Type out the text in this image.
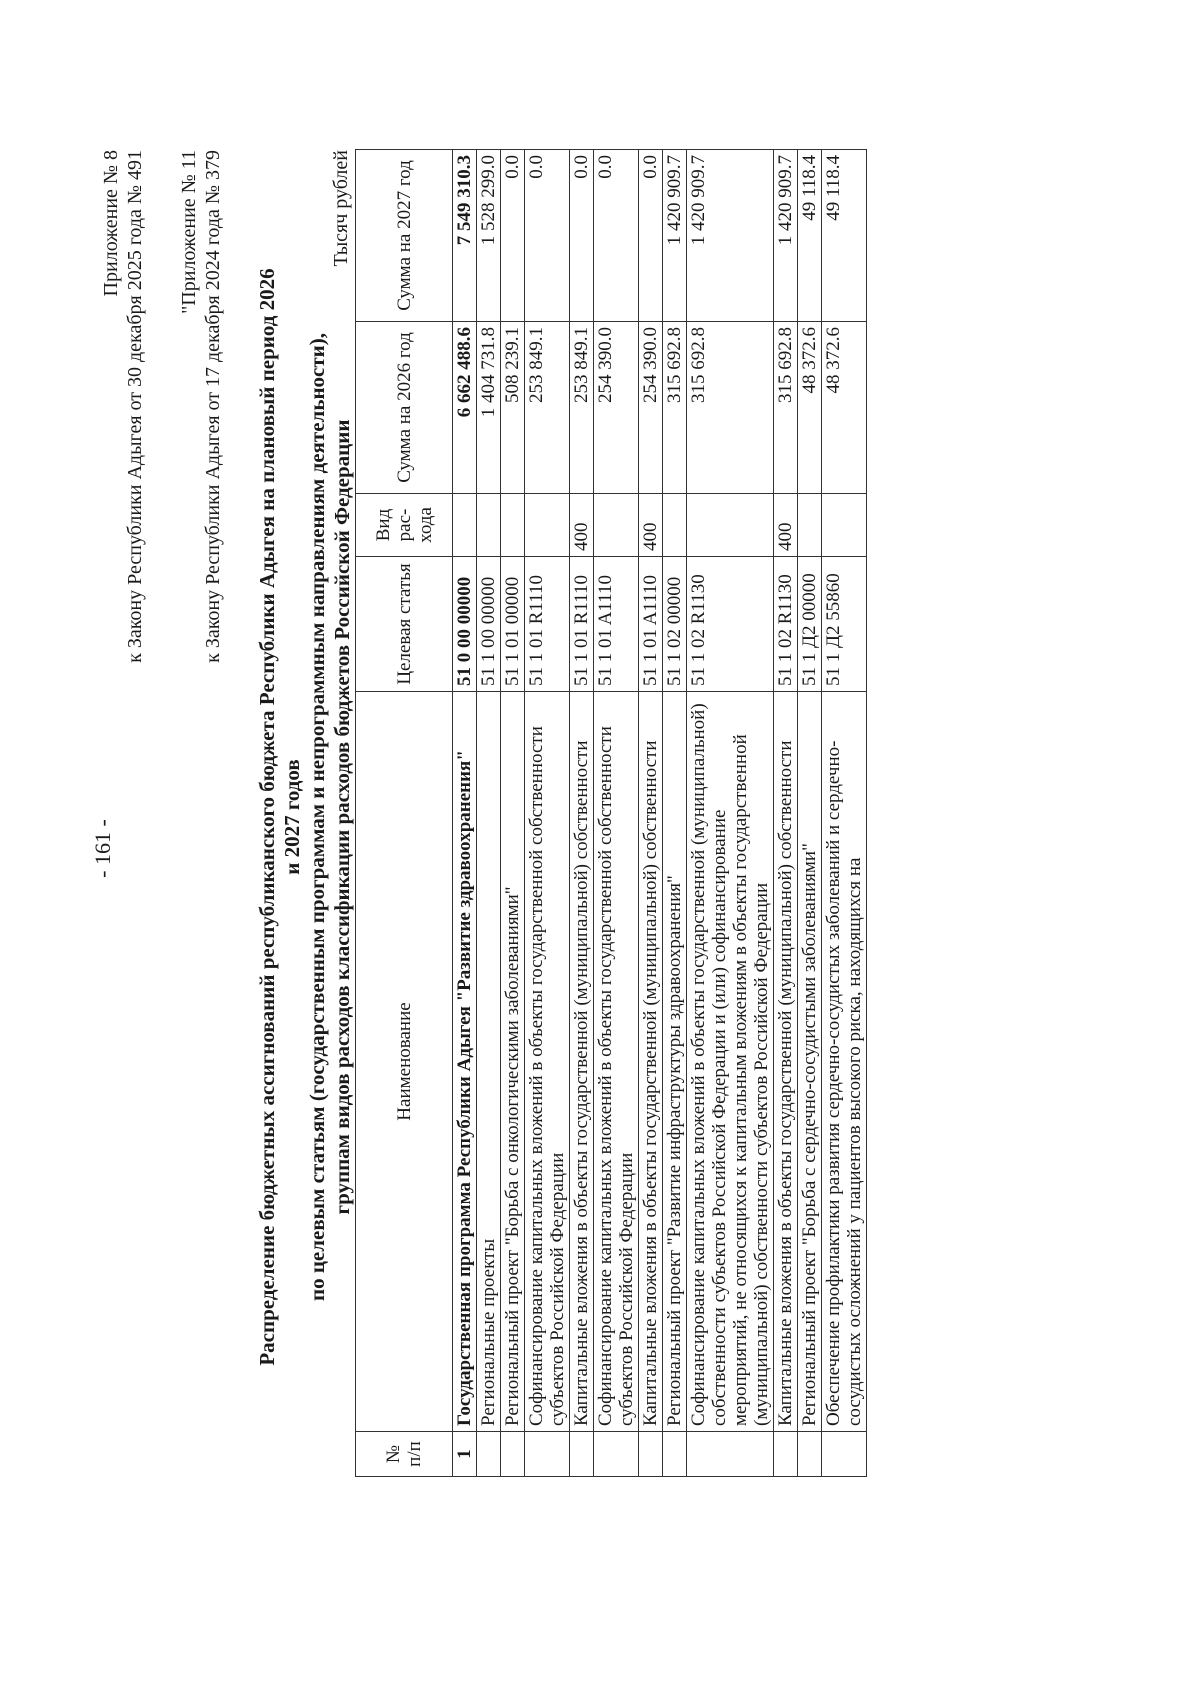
- 161 -
Приложение № 8 к Закону Республики Адыгея от 30 декабря 2025 года № 491 "Приложение № 11 к Закону Республики Адыгея от 17 декабря 2024 года № 379 Распределение бюджетных ассигнований республиканского бюджета Республики Адыгея на плановый период 2026 и 2027 годов по целевым статьям (государственным программам и непрограммным направлениям деятельности), группам видов расходов классификации расходов бюджетов Российской Федерации
Тысяч рублей
№ п/п	Наименование	Целевая статья	Вид рас- хода	Сумма на 2026 год	Сумма на 2027 год
1	Государственная программа Республики Адыгея "Развитие здравоохранения"	51 0 00 00000		6 662 488.6	7 549 310.3
	Региональные проекты	51 1 00 00000		1 404 731.8	1 528 299.0
	Региональный проект "Борьба с онкологическими заболеваниями"	51 1 01 00000		508 239.1	0.0
	Софинансирование капитальных вложений в объекты государственной собственности субъектов Российской Федерации	51 1 01 R1110		253 849.1	0.0
	Капитальные вложения в объекты государственной (муниципальной) собственности	51 1 01 R1110	400	253 849.1	0.0
	Софинансирование капитальных вложений в объекты государственной собственности субъектов Российской Федерации	51 1 01 A1110		254 390.0	0.0
	Капитальные вложения в объекты государственной (муниципальной) собственности	51 1 01 A1110	400	254 390.0	0.0
	Региональный проект "Развитие инфраструктуры здравоохранения"	51 1 02 00000		315 692.8	1 420 909.7
	Софинансирование капитальных вложений в объекты государственной (муниципальной) собственности субъектов Российской Федерации и (или) софинансирование мероприятий, не относящихся к капитальным вложениям в объекты государственной (муниципальной) собственности субъектов Российской Федерации	51 1 02 R1130		315 692.8	1 420 909.7
	Капитальные вложения в объекты государственной (муниципальной) собственности	51 1 02 R1130	400	315 692.8	1 420 909.7
	Региональный проект "Борьба с сердечно-сосудистыми заболеваниями"	51 1 Д2 00000		48 372.6	49 118.4
	Обеспечение профилактики развития сердечно-сосудистых заболеваний и сердечно-сосудистых осложнений у пациентов высокого риска, находящихся на	51 1 Д2 55860		48 372.6	49 118.4
